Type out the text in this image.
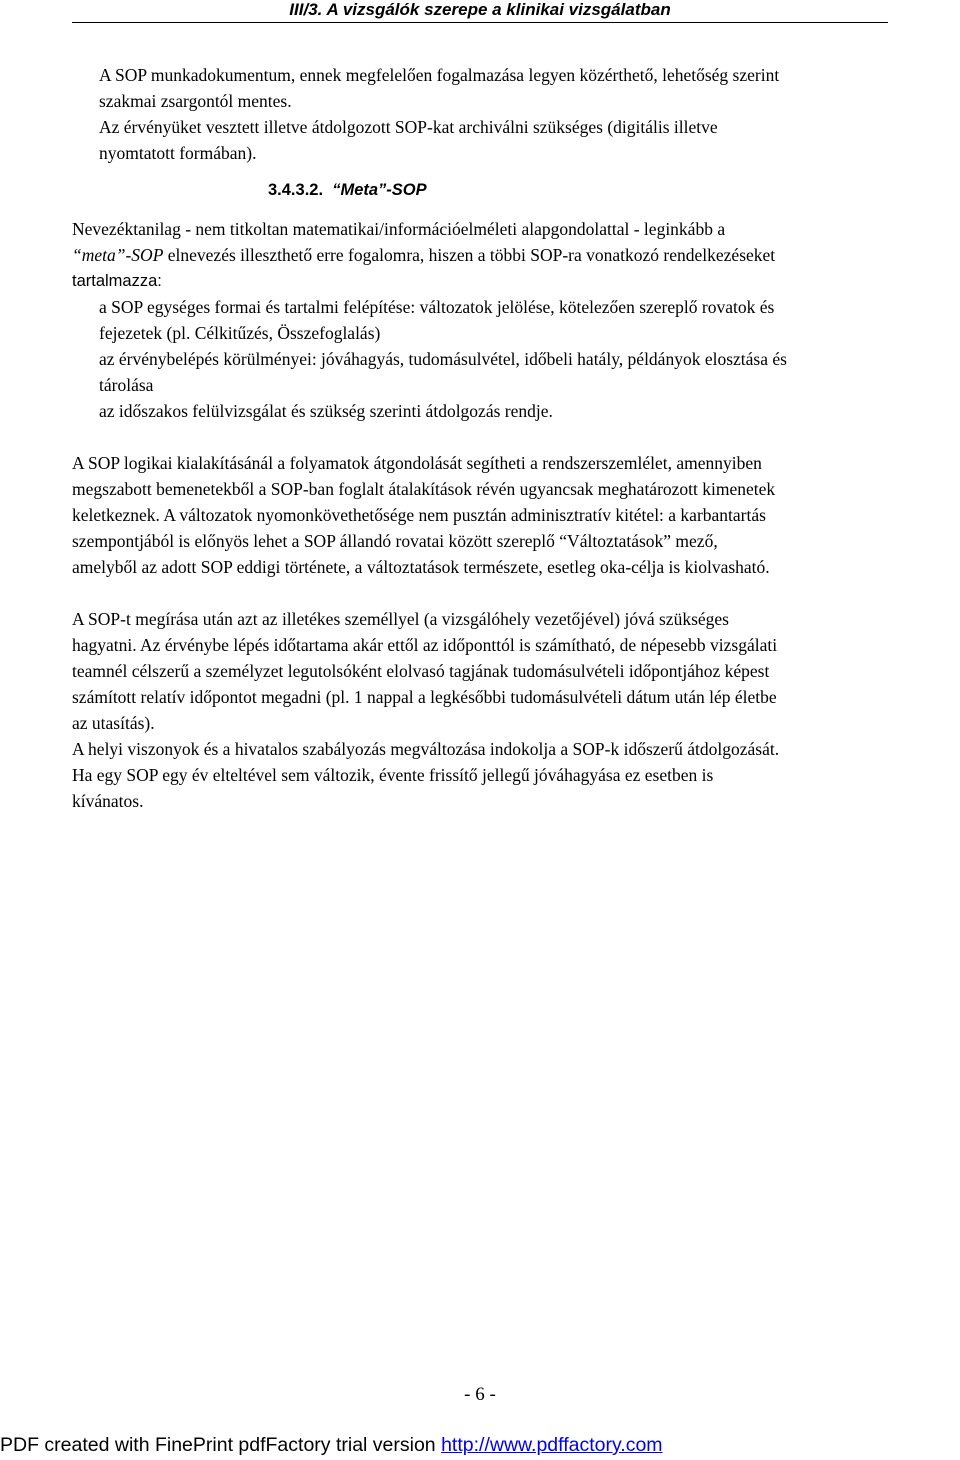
III/3. A vizsgálók szerepe a klinikai vizsgálatban

A SOP munkadokumentum, ennek megfelelően fogalmazása legyen közérthető, lehetőség szerint

szakmai zsargontól mentes.

Az érvényüket vesztett illetve átdolgozott SOP-kat archiválni szükséges (digitális illetve

nyomtatott formában).

3.4.3.2. “Meta”-SOP

Nevezéktanilag - nem titkoltan matematikai/információelméleti alapgondolattal - leginkább a

“meta”-SOP elnevezés illeszthető erre fogalomra, hiszen a többi SOP-ra vonatkozó rendelkezéseket

tartalmazza:

a SOP egységes formai és tartalmi felépítése: változatok jelölése, kötelezően szereplő rovatok és

fejezetek (pl. Célkitűzés, Összefoglalás)

az érvénybelépés körülményei: jóváhagyás, tudomásulvétel, időbeli hatály, példányok elosztása és

tárolása

az időszakos felülvizsgálat és szükség szerinti átdolgozás rendje.

A SOP logikai kialakításánál a folyamatok átgondolását segítheti a rendszerszemlélet, amennyiben

megszabott bemenetekből a SOP-ban foglalt átalakítások révén ugyancsak meghatározott kimenetek

keletkeznek. A változatok nyomonkövethetősége nem pusztán adminisztratív kitétel: a karbantartás

szempontjából is előnyös lehet a SOP állandó rovatai között szereplő “Változtatások” mező,

amelyből az adott SOP eddigi története, a változtatások természete, esetleg oka-célja is kiolvasható.

A SOP-t megírása után azt az illetékes személlyel (a vizsgálóhely vezetőjével) jóvá szükséges

hagyatni. Az érvénybe lépés időtartama akár ettől az időponttól is számítható, de népesebb vizsgálati

teamnél célszerű a személyzet legutolsóként elolvasó tagjának tudomásulvételi időpontjához képest

számított relatív időpontot megadni (pl. 1 nappal a legkésőbbi tudomásulvételi dátum után lép életbe

az utasítás).

A helyi viszonyok és a hivatalos szabályozás megváltozása indokolja a SOP-k időszerű átdolgozását.

Ha egy SOP egy év elteltével sem változik, évente frissítő jellegű jóváhagyása ez esetben is

kívánatos.

- 6 -
PDF created with FinePrint pdfFactory trial version http://www.pdffactory.com
